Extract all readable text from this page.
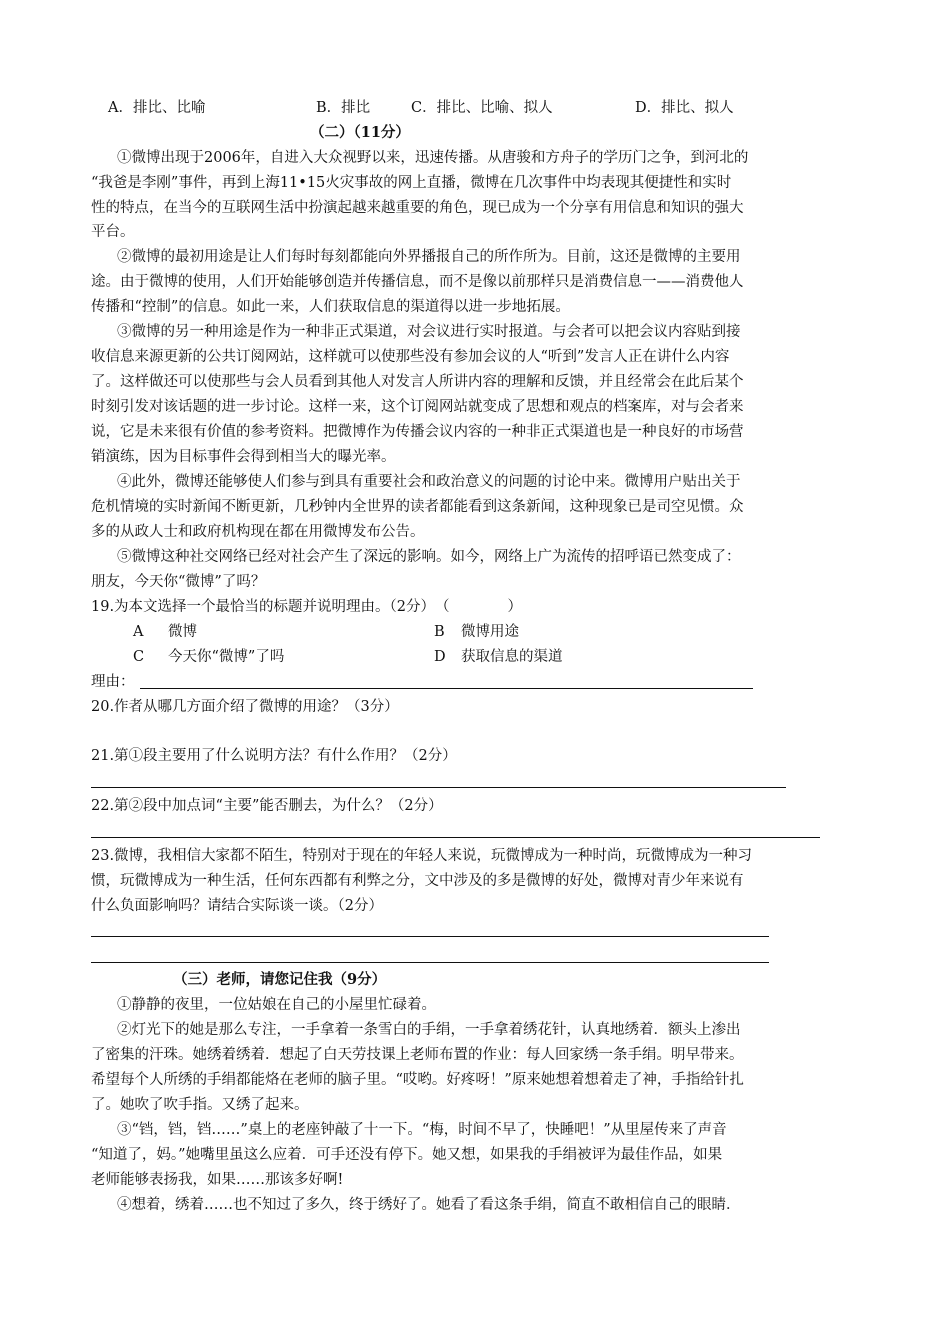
A．排比、比喻	B．排比	C．排比、比喻、拟人	D．排比、拟人
（二）（11分）
①微博出现于2006年，自进入大众视野以来，迅速传播。从唐骏和方舟子的学历门之争，到河北的
“我爸是李刚”事件，再到上海11•15火灾事故的网上直播，微博在几次事件中均表现其便捷性和实时
性的特点，在当今的互联网生活中扮演起越来越重要的角色，现已成为一个分享有用信息和知识的强大
平台。
②微博的最初用途是让人们每时每刻都能向外界播报自己的所作所为。目前，这还是微博的主要用
途。由于微博的使用，人们开始能够创造并传播信息，而不是像以前那样只是消费信息一——消费他人
传播和“控制”的信息。如此一来，人们获取信息的渠道得以进一步地拓展。
③微博的另一种用途是作为一种非正式渠道，对会议进行实时报道。与会者可以把会议内容贴到接
收信息来源更新的公共订阅网站，这样就可以使那些没有参加会议的人“听到”发言人正在讲什么内容
了。这样做还可以使那些与会人员看到其他人对发言人所讲内容的理解和反馈，并且经常会在此后某个
时刻引发对该话题的进一步讨论。这样一来，这个订阅网站就变成了思想和观点的档案库，对与会者来
说，它是未来很有价值的参考资料。把微博作为传播会议内容的一种非正式渠道也是一种良好的市场营
销演练，因为目标事件会得到相当大的曝光率。
④此外，微博还能够使人们参与到具有重要社会和政治意义的问题的讨论中来。微博用户贴出关于
危机情境的实时新闻不断更新，几秒钟内全世界的读者都能看到这条新闻，这种现象已是司空见惯。众
多的从政人士和政府机构现在都在用微博发布公告。
⑤微博这种社交网络已经对社会产生了深远的影响。如今，网络上广为流传的招呼语已然变成了：
朋友，今天你“微博”了吗？
19.为本文选择一个最恰当的标题并说明理由。（2分）　（　　　　）
A 微博	B 微博用途
C 今天你“微博”了吗	D 获取信息的渠道
理由：
20.作者从哪几方面介绍了微博的用途？（3分）
21.第①段主要用了什么说明方法？有什么作用？（2分）
22.第②段中加点词“主要”能否删去，为什么？（2分）
23.微博，我相信大家都不陌生，特别对于现在的年轻人来说，玩微博成为一种时尚，玩微博成为一种习
惯，玩微博成为一种生活，任何东西都有利弊之分，文中涉及的多是微博的好处，微博对青少年来说有
什么负面影响吗？请结合实际谈一谈。（2分）
（三）老师，请您记住我（9分）
①静静的夜里，一位姑娘在自己的小屋里忙碌着。
②灯光下的她是那么专注，一手拿着一条雪白的手绢，一手拿着绣花针，认真地绣着．额头上渗出
了密集的汗珠。她绣着绣着．想起了白天劳技课上老师布置的作业：每人回家绣一条手绢。明早带来。
希望每个人所绣的手绢都能烙在老师的脑子里。“哎哟。好疼呀！”原来她想着想着走了神，手指给针扎
了。她吹了吹手指。又绣了起来。
③“铛，铛，铛……”桌上的老座钟敲了十一下。“梅，时间不早了，快睡吧！”从里屋传来了声音
“知道了，妈。”她嘴里虽这么应着．可手还没有停下。她又想，如果我的手绢被评为最佳作品，如果
老师能够表扬我，如果……那该多好啊!
④想着，绣着……也不知过了多久，终于绣好了。她看了看这条手绢，简直不敢相信自己的眼睛．
